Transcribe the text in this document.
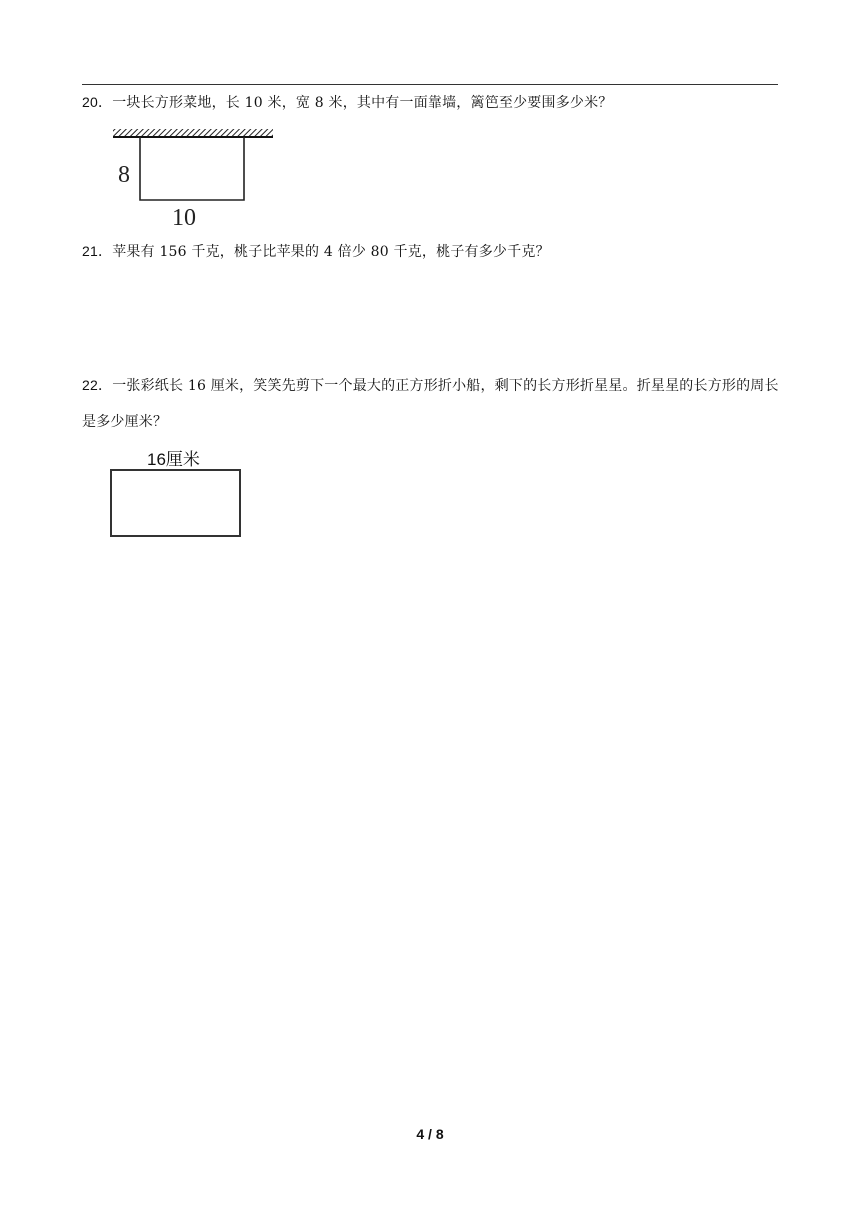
20．一块长方形菜地，长 10 米，宽 8 米，其中有一面靠墙，篱笆至少要围多少米？
8
10
21．苹果有 156 千克，桃子比苹果的 4 倍少 80 千克，桃子有多少千克？
22．一张彩纸长 16 厘米，笑笑先剪下一个最大的正方形折小船，剩下的长方形折星星。折星星的长方形的周长是多少厘米？
16厘米
4 / 8
